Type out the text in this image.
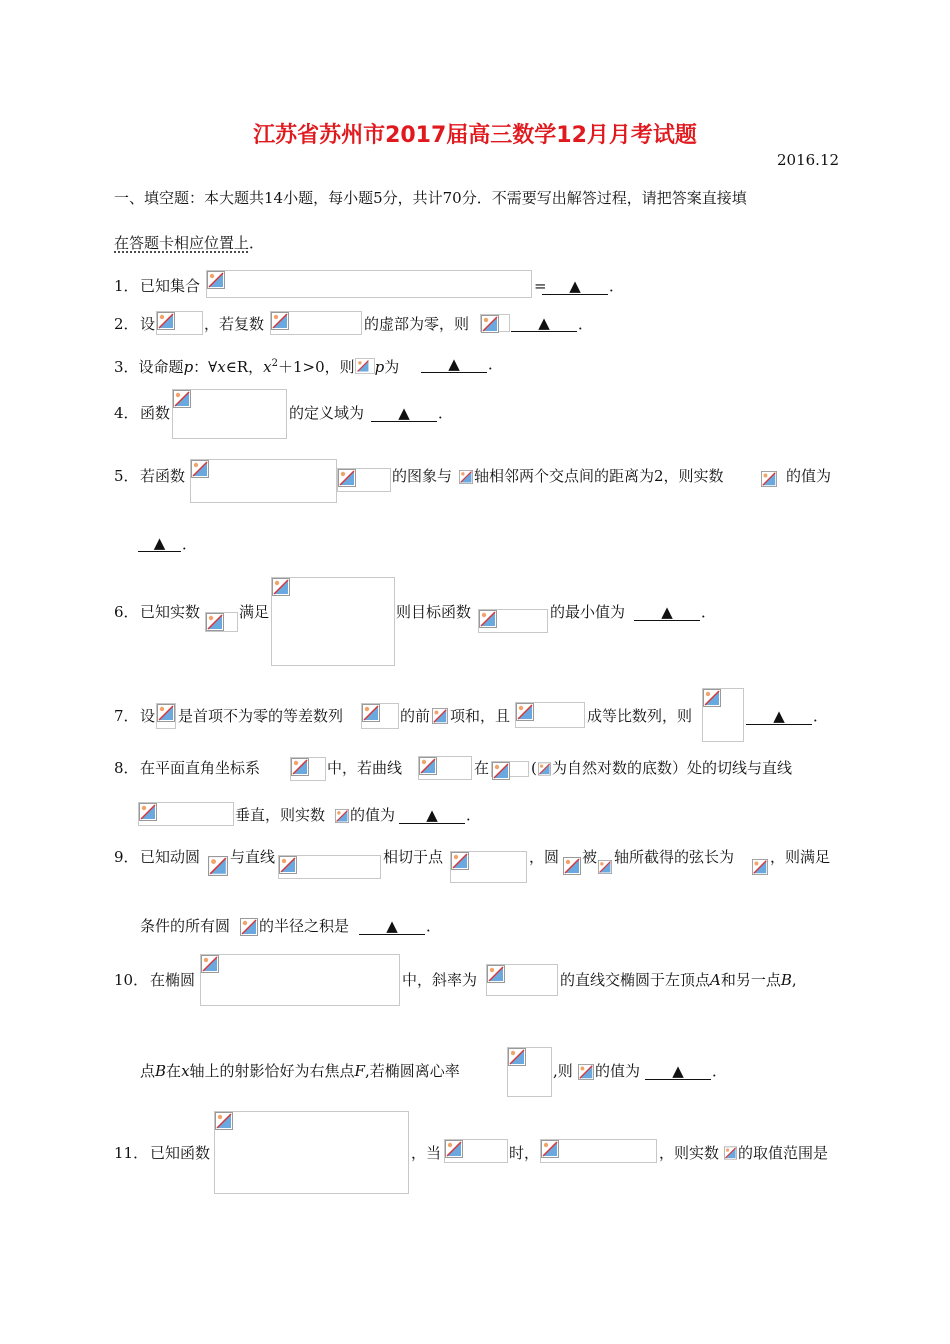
江苏省苏州市2017届高三数学12月月考试题
2016.12
一、填空题：本大题共14小题，每小题5分，共计70分．不需要写出解答过程，请把答案直接填
在答题卡相应位置上．
1． 已知集合	=	▲	．
2． 设	，若复数	的虚部为零，则	▲	．
3．设命题p：∀x∈R，$x^2+1>0$，则 p为	▲	．
4． 函数	的定义域为	▲	．
5． 若函数	的图象与 轴相邻两个交点间的距离为2，则实数	的值为
▲	．
6． 已知实数	满足	则目标函数	的最小值为	▲	．
7． 设 是首项不为零的等差数列	的前 项和，且	成等比数列，则	▲	．
8． 在平面直角坐标系	中，若曲线	在	( 为自然对数的底数）处的切线与直线
垂直，则实数 的值为	▲	．
9． 已知动圆 与直线	相切于点	，圆 被 轴所截得的弦长为 ，则满足
条件的所有圆 的半径之积是	▲	．
10． 在椭圆	中，斜率为	的直线交椭圆于左顶点A和另一点B,
点B在x轴上的射影恰好为右焦点F,若椭圆离心率	,则 的值为	▲	．
11． 已知函数	，当	时，	，则实数 的取值范围是
